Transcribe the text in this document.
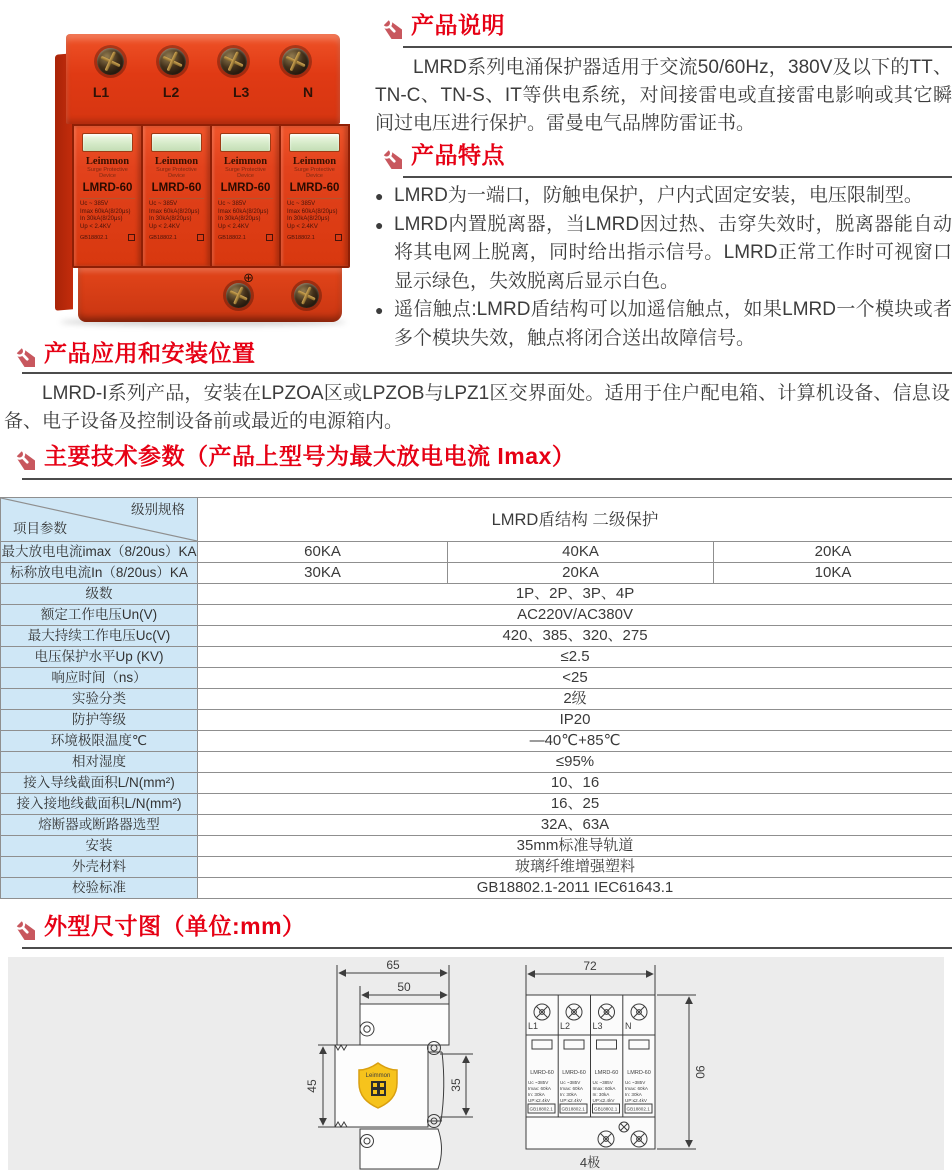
L1	L2	L3	N
Leimmon
Surge Protective
Device
LMRD-60
Uc ~ 385V
Imax 60kA(8/20μs)
In 30kA(8/20μs)
Up < 2.4KV
GB18802.1
Leimmon
Surge Protective
Device
LMRD-60
Uc ~ 385V
Imax 60kA(8/20μs)
In 30kA(8/20μs)
Up < 2.4KV
GB18802.1
Leimmon
Surge Protective
Device
LMRD-60
Uc ~ 385V
Imax 60kA(8/20μs)
In 30kA(8/20μs)
Up < 2.4KV
GB18802.1
Leimmon
Surge Protective
Device
LMRD-60
Uc ~ 385V
Imax 60kA(8/20μs)
In 30kA(8/20μs)
Up < 2.4KV
GB18802.1
⊕
产品说明

LMRD系列电涌保护器适用于交流50/60Hz，380V及以下的TT、TN-C、TN-S、IT等供电系统，对间接雷电或直接雷电影响或其它瞬间过电压进行保护。雷曼电气品牌防雷证书。

产品特点
● LMRD为一端口，防触电保护，户内式固定安装，电压限制型。
● LMRD内置脱离器，当LMRD因过热、击穿失效时，脱离器能自动将其电网上脱离，同时给出指示信号。LMRD正常工作时可视窗口显示绿色，失效脱离后显示白色。
● 遥信触点:LMRD盾结构可以加遥信触点，如果LMRD一个模块或者多个模块失效，触点将闭合送出故障信号。
产品应用和安装位置

LMRD-I系列产品，安装在LPZOA区或LPZOB与LPZ1区交界面处。适用于住户配电箱、计算机设备、信息设备、电子设备及控制设备前或最近的电源箱内。

主要技术参数（产品上型号为最大放电电流 Imax）
级别规格
项目参数	LMRD盾结构 二级保护		
最大放电电流imax（8/20us）KA	60KA	40KA	20KA
标称放电电流In（8/20us）KA	30KA	20KA	10KA
级数	1P、2P、3P、4P		
额定工作电压Un(V)	AC220V/AC380V		
最大持续工作电压Uc(V)	420、385、320、275		
电压保护水平Up (KV)	≤2.5		
响应时间（ns）	<25		
实验分类	2级		
防护等级	IP20		
环境极限温度℃	—40℃+85℃		
相对湿度	≤95%		
接入导线截面积L/N(mm²)	10、16		
接入接地线截面积L/N(mm²)	16、25		
熔断器或断路器选型	32A、63A		
安装	35mm标准导轨道		
外壳材料	玻璃纤维增强塑料		
校验标准	GB18802.1-2011 IEC61643.1		
外型尺寸图（单位:mm）
Leimmon
65
50
45	35
L1 L2 L3 N
LMRD-60 LMRD-60 LMRD-60 LMRD-60
Uc ~385V
Imax: 60kA
In: 30kA
UP:≤2.4kV
GB18802.1
Uc ~385V
Imax: 60kA
In: 30kA
UP:≤2.4kV
GB18802.1
Uc ~385V
Imax: 60kA
In: 30kA
UP:≤2.4kV
GB18802.1
Uc ~385V
Imax: 60kA
In: 30kA
UP:≤2.4kV
GB18802.1
72
90
4极
